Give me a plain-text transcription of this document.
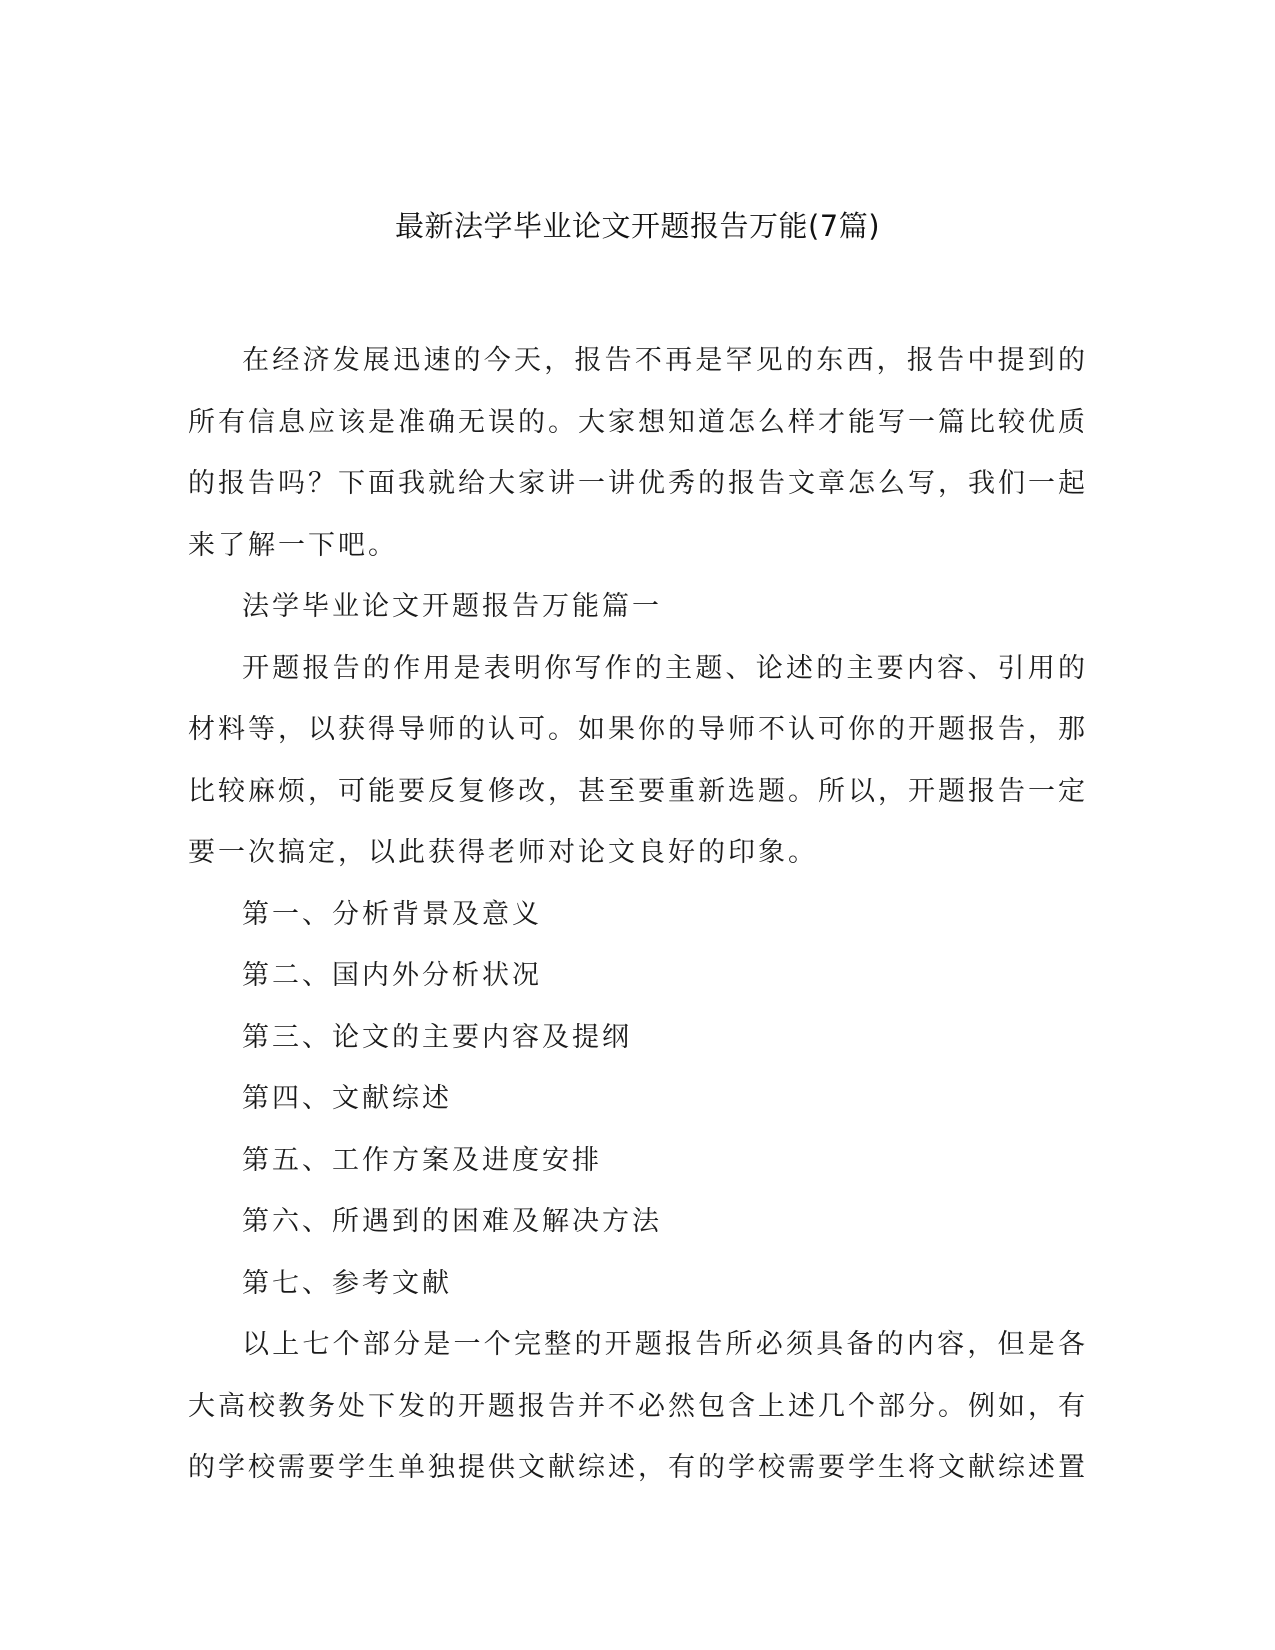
最新法学毕业论文开题报告万能(7篇)

在经济发展迅速的今天，报告不再是罕见的东西，报告中提到的所有信息应该是准确无误的。大家想知道怎么样才能写一篇比较优质的报告吗？下面我就给大家讲一讲优秀的报告文章怎么写，我们一起来了解一下吧。

法学毕业论文开题报告万能篇一

开题报告的作用是表明你写作的主题、论述的主要内容、引用的材料等，以获得导师的认可。如果你的导师不认可你的开题报告，那比较麻烦，可能要反复修改，甚至要重新选题。所以，开题报告一定要一次搞定，以此获得老师对论文良好的印象。

第一、分析背景及意义

第二、国内外分析状况

第三、论文的主要内容及提纲

第四、文献综述

第五、工作方案及进度安排

第六、所遇到的困难及解决方法

第七、参考文献

以上七个部分是一个完整的开题报告所必须具备的内容，但是各大高校教务处下发的开题报告并不必然包含上述几个部分。例如，有的学校需要学生单独提供文献综述，有的学校需要学生将文献综述置
